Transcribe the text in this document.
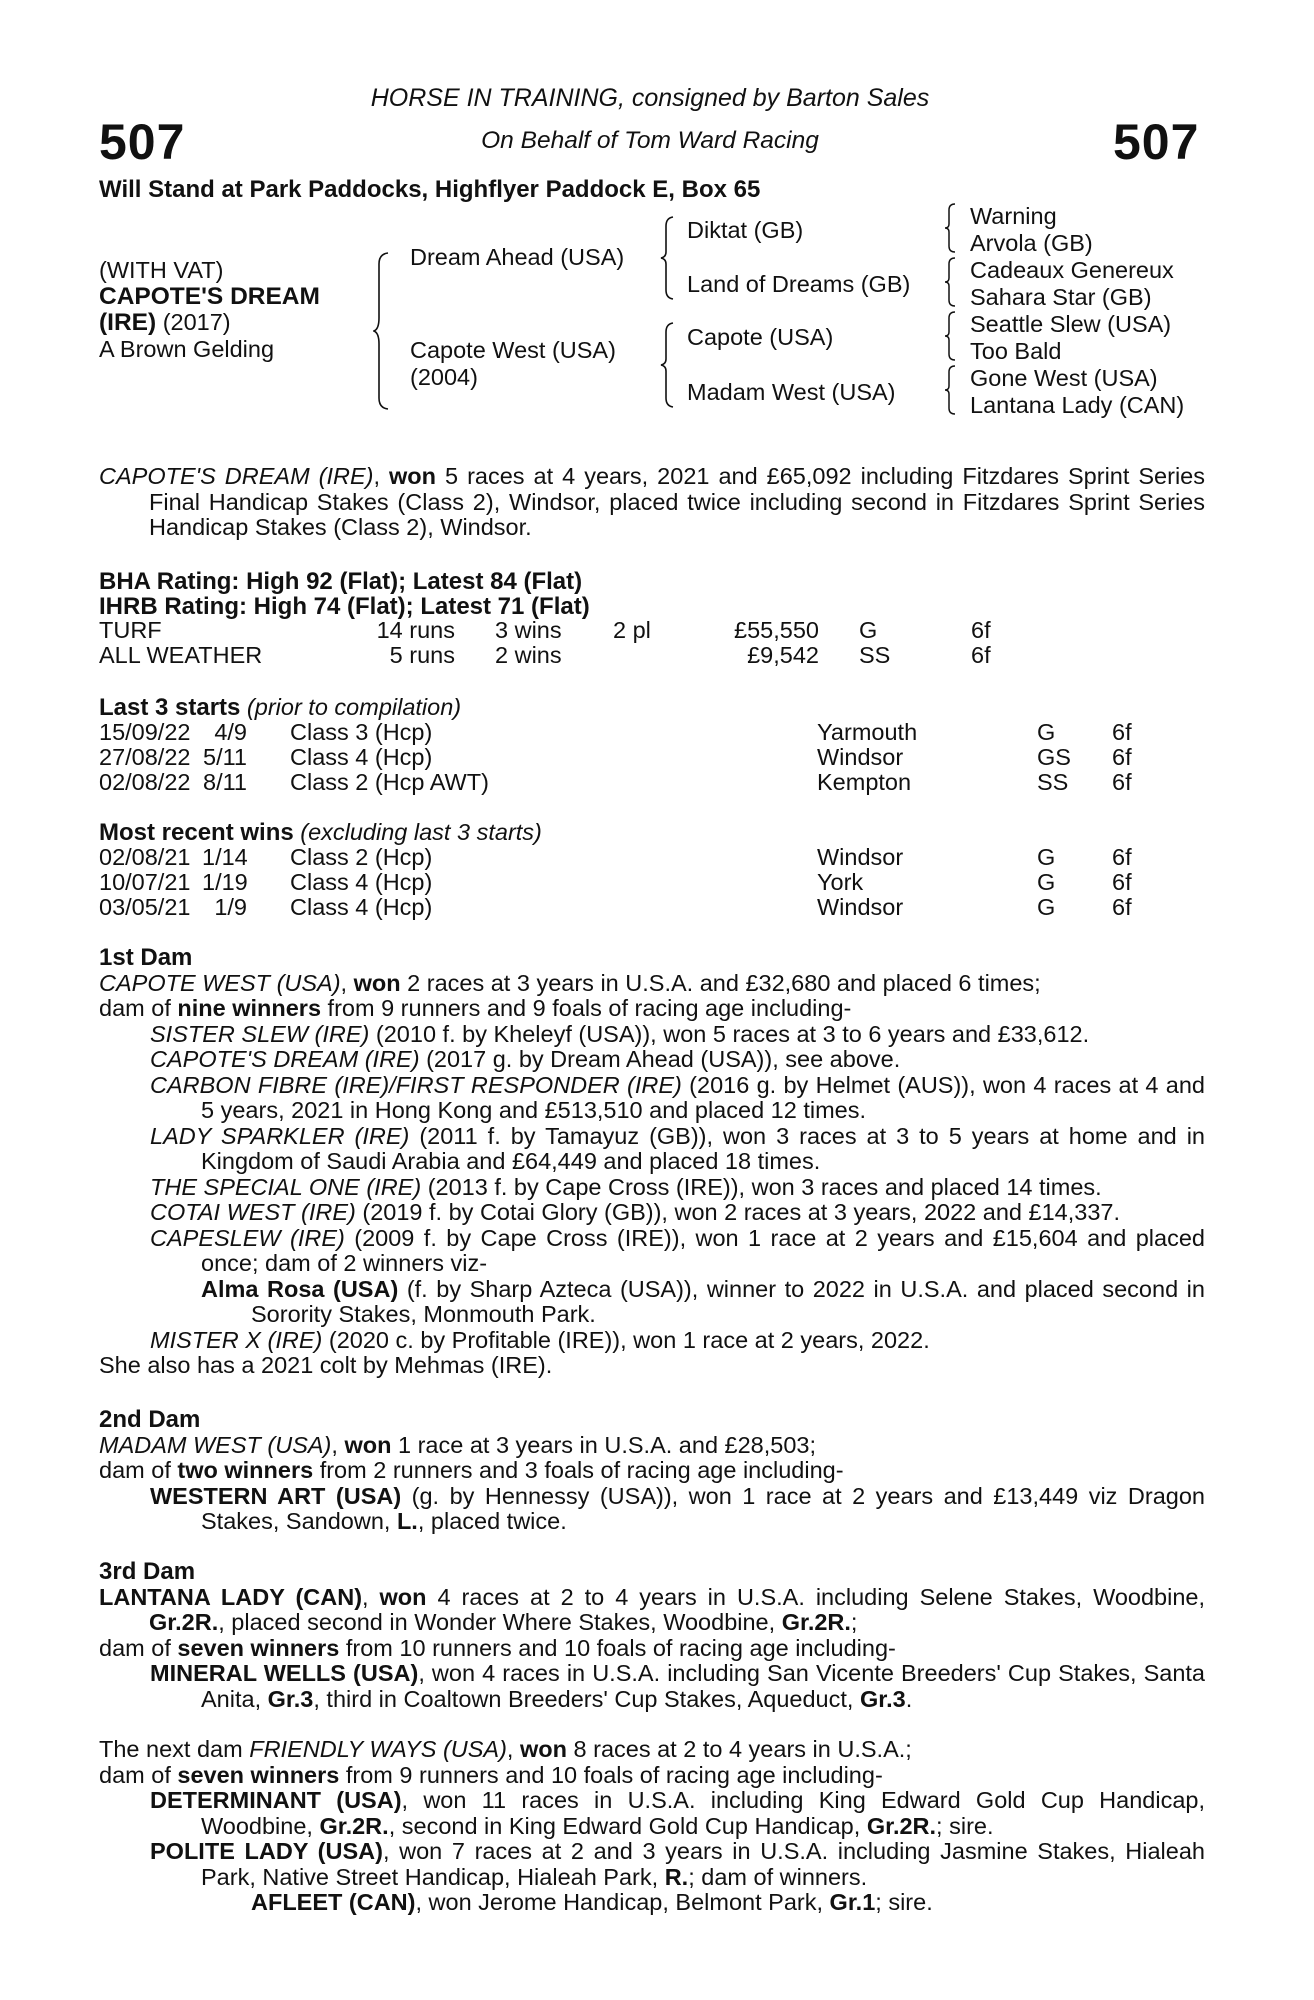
507	507
HORSE IN TRAINING, consigned by Barton Sales
On Behalf of Tom Ward Racing
Will Stand at Park Paddocks, Highflyer Paddock E, Box 65
(WITH VAT)
CAPOTE'S DREAM
(IRE) (2017)
A Brown Gelding
Dream Ahead (USA)
Capote West (USA)
(2004)
Diktat (GB)
Land of Dreams (GB)
Capote (USA)
Madam West (USA)
Warning
Arvola (GB)
Cadeaux Genereux
Sahara Star (GB)
Seattle Slew (USA)
Too Bald
Gone West (USA)
Lantana Lady (CAN)

CAPOTE'S DREAM (IRE), won 5 races at 4 years, 2021 and £65,092 including Fitzdares Sprint Series Final Handicap Stakes (Class 2), Windsor, placed twice including second in Fitzdares Sprint Series Handicap Stakes (Class 2), Windsor.

BHA Rating: High 92 (Flat); Latest 84 (Flat)
IHRB Rating: High 74 (Flat); Latest 71 (Flat)
TURF	14 runs 3 wins 2 pl	£55,550 G	6f
ALL WEATHER	5 runs 2 wins	£9,542 SS	6f
Last 3 starts (prior to compilation)
15/09/22	4/9 Class 3 (Hcp)	Yarmouth	G 6f
27/08/22 5/11 Class 4 (Hcp)	Windsor	GS 6f
02/08/22 8/11 Class 2 (Hcp AWT)	Kempton	SS 6f
Most recent wins (excluding last 3 starts)
02/08/21 1/14 Class 2 (Hcp)	Windsor	G 6f
10/07/21 1/19 Class 4 (Hcp)	York	G 6f
03/05/21	1/9 Class 4 (Hcp)	Windsor	G 6f

1st Dam

CAPOTE WEST (USA), won 2 races at 3 years in U.S.A. and £32,680 and placed 6 times;

dam of nine winners from 9 runners and 9 foals of racing age including-

SISTER SLEW (IRE) (2010 f. by Kheleyf (USA)), won 5 races at 3 to 6 years and £33,612.

CAPOTE'S DREAM (IRE) (2017 g. by Dream Ahead (USA)), see above.

CARBON FIBRE (IRE)/FIRST RESPONDER (IRE) (2016 g. by Helmet (AUS)), won 4 races at 4 and 5 years, 2021 in Hong Kong and £513,510 and placed 12 times.

LADY SPARKLER (IRE) (2011 f. by Tamayuz (GB)), won 3 races at 3 to 5 years at home and in Kingdom of Saudi Arabia and £64,449 and placed 18 times.

THE SPECIAL ONE (IRE) (2013 f. by Cape Cross (IRE)), won 3 races and placed 14 times.

COTAI WEST (IRE) (2019 f. by Cotai Glory (GB)), won 2 races at 3 years, 2022 and £14,337.

CAPESLEW (IRE) (2009 f. by Cape Cross (IRE)), won 1 race at 2 years and £15,604 and placed once; dam of 2 winners viz-

Alma Rosa (USA) (f. by Sharp Azteca (USA)), winner to 2022 in U.S.A. and placed second in Sorority Stakes, Monmouth Park.

MISTER X (IRE) (2020 c. by Profitable (IRE)), won 1 race at 2 years, 2022.

She also has a 2021 colt by Mehmas (IRE).

2nd Dam

MADAM WEST (USA), won 1 race at 3 years in U.S.A. and £28,503;

dam of two winners from 2 runners and 3 foals of racing age including-

WESTERN ART (USA) (g. by Hennessy (USA)), won 1 race at 2 years and £13,449 viz Dragon Stakes, Sandown, L., placed twice.

3rd Dam

LANTANA LADY (CAN), won 4 races at 2 to 4 years in U.S.A. including Selene Stakes, Woodbine, Gr.2R., placed second in Wonder Where Stakes, Woodbine, Gr.2R.;

dam of seven winners from 10 runners and 10 foals of racing age including-

MINERAL WELLS (USA), won 4 races in U.S.A. including San Vicente Breeders' Cup Stakes, Santa Anita, Gr.3, third in Coaltown Breeders' Cup Stakes, Aqueduct, Gr.3.

The next dam FRIENDLY WAYS (USA), won 8 races at 2 to 4 years in U.S.A.;

dam of seven winners from 9 runners and 10 foals of racing age including-

DETERMINANT (USA), won 11 races in U.S.A. including King Edward Gold Cup Handicap, Woodbine, Gr.2R., second in King Edward Gold Cup Handicap, Gr.2R.; sire.

POLITE LADY (USA), won 7 races at 2 and 3 years in U.S.A. including Jasmine Stakes, Hialeah Park, Native Street Handicap, Hialeah Park, R.; dam of winners.

AFLEET (CAN), won Jerome Handicap, Belmont Park, Gr.1; sire.
